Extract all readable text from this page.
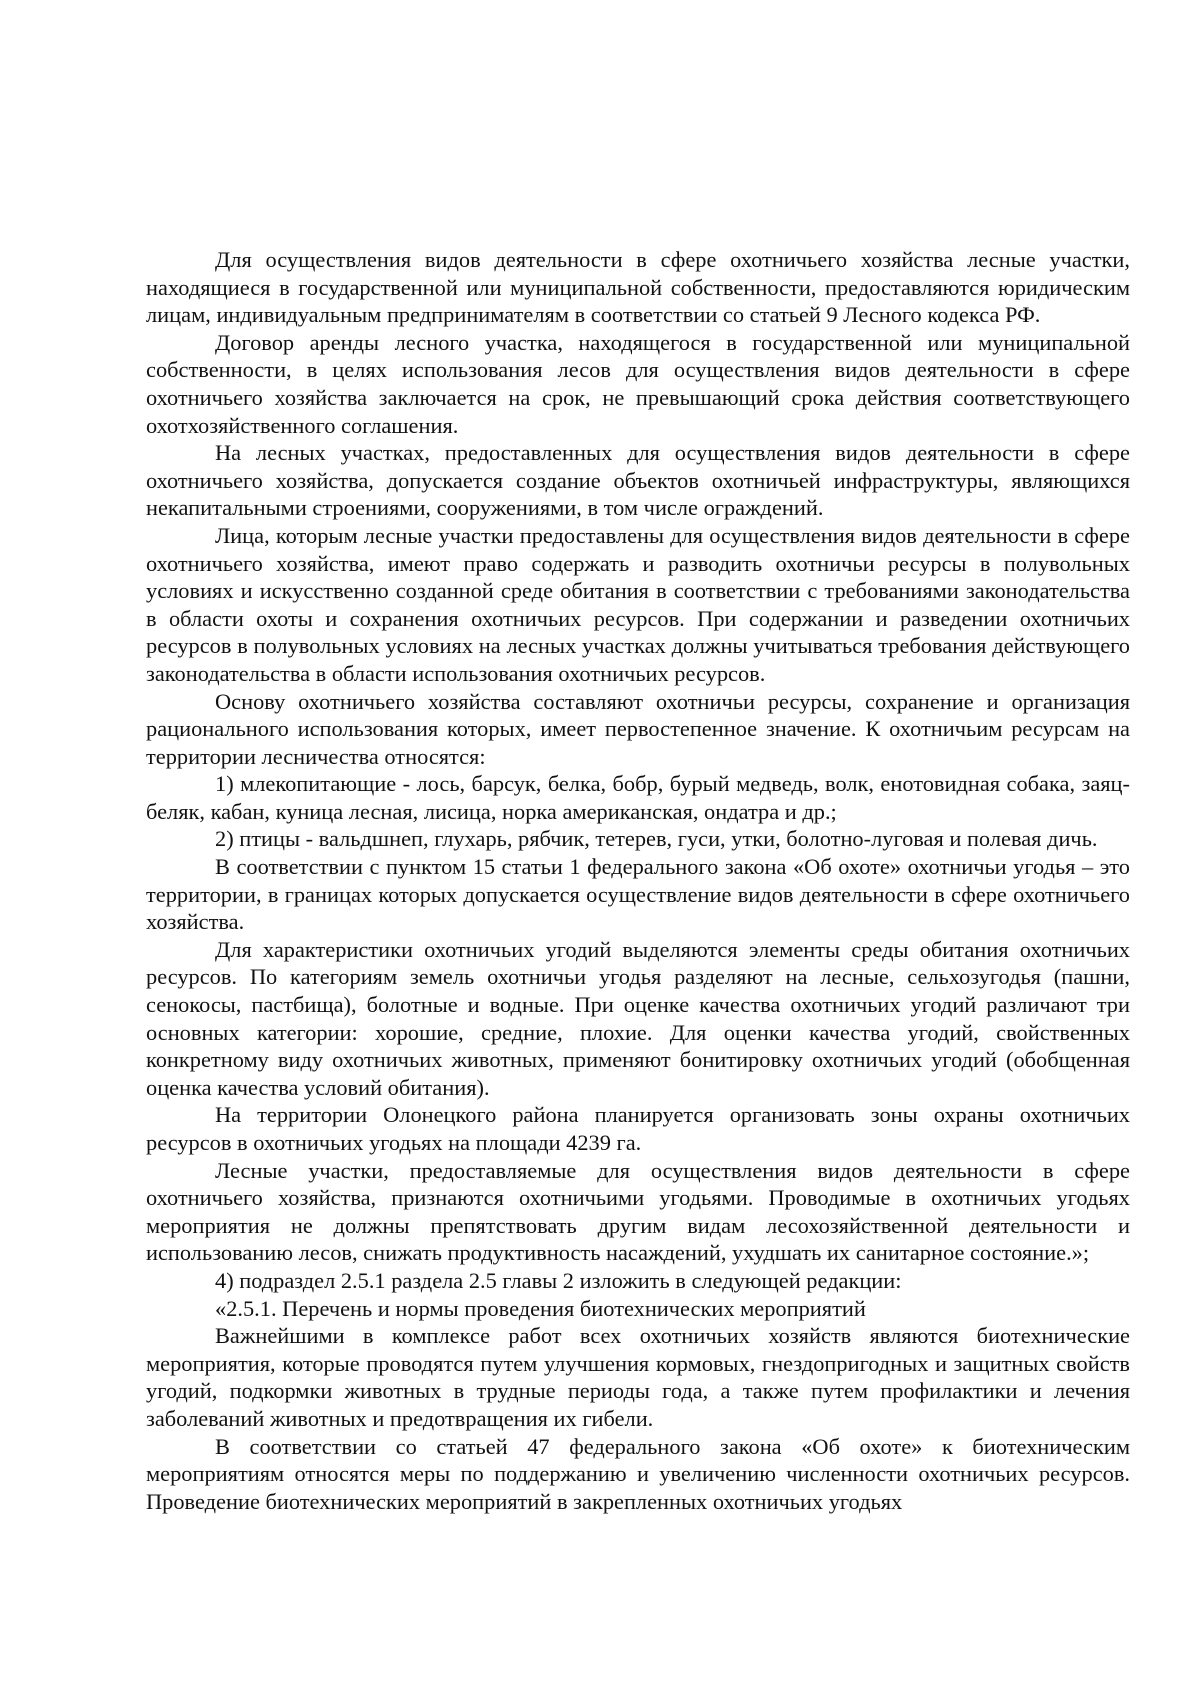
Для осуществления видов деятельности в сфере охотничьего хозяйства лесные участки, находящиеся в государственной или муниципальной собственности, предоставляются юридическим лицам, индивидуальным предпринимателям в соответствии со статьей 9 Лесного кодекса РФ.

Договор аренды лесного участка, находящегося в государственной или муниципальной собственности, в целях использования лесов для осуществления видов деятельности в сфере охотничьего хозяйства заключается на срок, не превышающий срока действия соответствующего охотхозяйственного соглашения.

На лесных участках, предоставленных для осуществления видов деятельности в сфере охотничьего хозяйства, допускается создание объектов охотничьей инфраструктуры, являющихся некапитальными строениями, сооружениями, в том числе ограждений.

Лица, которым лесные участки предоставлены для осуществления видов деятельности в сфере охотничьего хозяйства, имеют право содержать и разводить охотничьи ресурсы в полувольных условиях и искусственно созданной среде обитания в соответствии с требованиями законодательства в области охоты и сохранения охотничьих ресурсов. При содержании и разведении охотничьих ресурсов в полувольных условиях на лесных участках должны учитываться требования действующего законодательства в области использования охотничьих ресурсов.

Основу охотничьего хозяйства составляют охотничьи ресурсы, сохранение и организация рационального использования которых, имеет первостепенное значение. К охотничьим ресурсам на территории лесничества относятся:

1) млекопитающие - лось, барсук, белка, бобр, бурый медведь, волк, енотовидная собака, заяц-беляк, кабан, куница лесная, лисица, норка американская, ондатра и др.;

2) птицы - вальдшнеп, глухарь, рябчик, тетерев, гуси, утки, болотно-луговая и полевая дичь.

В соответствии с пунктом 15 статьи 1 федерального закона «Об охоте» охотничьи угодья – это территории, в границах которых допускается осуществление видов деятельности в сфере охотничьего хозяйства.

Для характеристики охотничьих угодий выделяются элементы среды обитания охотничьих ресурсов. По категориям земель охотничьи угодья разделяют на лесные, сельхозугодья (пашни, сенокосы, пастбища), болотные и водные. При оценке качества охотничьих угодий различают три основных категории: хорошие, средние, плохие. Для оценки качества угодий, свойственных конкретному виду охотничьих животных, применяют бонитировку охотничьих угодий (обобщенная оценка качества условий обитания).

На территории Олонецкого района планируется организовать зоны охраны охотничьих ресурсов в охотничьих угодьях на площади 4239 га.

Лесные участки, предоставляемые для осуществления видов деятельности в сфере охотничьего хозяйства, признаются охотничьими угодьями. Проводимые в охотничьих угодьях мероприятия не должны препятствовать другим видам лесохозяйственной деятельности и использованию лесов, снижать продуктивность насаждений, ухудшать их санитарное состояние.»;

4) подраздел 2.5.1 раздела 2.5 главы 2 изложить в следующей редакции:

«2.5.1. Перечень и нормы проведения биотехнических мероприятий

Важнейшими в комплексе работ всех охотничьих хозяйств являются биотехнические мероприятия, которые проводятся путем улучшения кормовых, гнездопригодных и защитных свойств угодий, подкормки животных в трудные периоды года, а также путем профилактики и лечения заболеваний животных и предотвращения их гибели.

В соответствии со статьей 47 федерального закона «Об охоте» к биотехническим мероприятиям относятся меры по поддержанию и увеличению численности охотничьих ресурсов. Проведение биотехнических мероприятий в закрепленных охотничьих угодьях
